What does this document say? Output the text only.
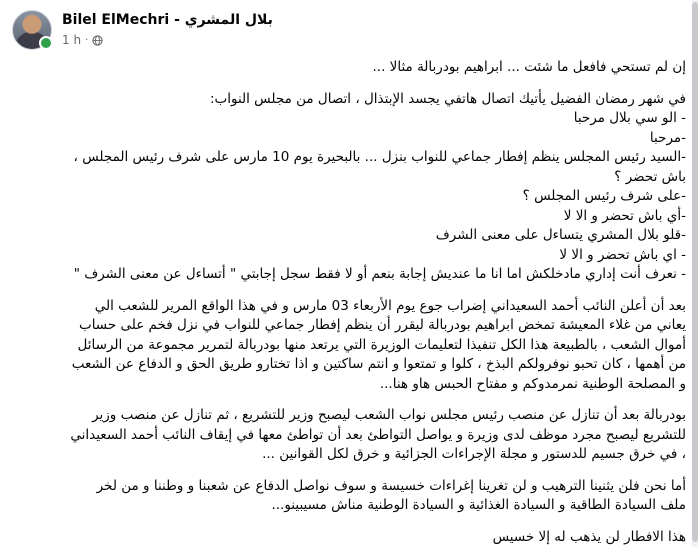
Bilel ElMechri - بلال المشري
1 h ·

إن لم تستحي فافعل ما شئت ... ابراهيم بودربالة مثالا ...

في شهر رمضان الفضيل يأتيك اتصال هاتفي يجسد الإبتذال ، اتصال من مجلس النواب:
- الو سي بلال مرحبا
-مرحبا
-السيد رئيس المجلس ينظم إفطار جماعي للنواب بنزل ... بالبحيرة يوم 10 مارس على شرف رئيس المجلس ،
باش تحضر ؟
-على شرف رئيس المجلس ؟
-أي باش تحضر و الا لا
-قلو بلال المشري يتساءل على معنى الشرف
- اي باش تحضر و الا لا
- نعرف أنت إداري مادخلكش اما انا ما عنديش إجابة بنعم أو لا فقط سجل إجابتي " أتساءل عن معنى الشرف "

بعد أن أعلن النائب أحمد السعيداني إضراب جوع يوم الأربعاء 03 مارس و في هذا الواقع المرير للشعب الي
يعاني من غلاء المعيشة تمخض ابراهيم بودربالة ليقرر أن ينظم إفطار جماعي للنواب في نزل فخم على حساب
أموال الشعب ، بالطبيعة هذا الكل تنفيذا لتعليمات الوزيرة التي يرتعد منها بودربالة لتمرير مجموعة من الرسائل
من أهمها ، كان تحبو نوفرولكم البذخ ، كلوا و تمتعوا و انتم ساكتين و اذا تختارو طريق الحق و الدفاع عن الشعب
و المصلحة الوطنية نمرمدوكم و مفتاح الحبس هاو هنا...

بودربالة بعد أن تنازل عن منصب رئيس مجلس نواب الشعب ليصبح وزير للتشريع ، ثم تنازل عن منصب وزير
للتشريع ليصبح مجرد موظف لدى وزيرة و يواصل التواطئ بعد أن تواطئ معها في إيقاف النائب أحمد السعيداني
، في خرق جسيم للدستور و مجلة الإجراءات الجزائية و خرق لكل القوانين ...

أما نحن فلن يثنينا الترهيب و لن تغرينا إغراءات خسيسة و سوف نواصل الدفاع عن شعبنا و وطننا و من لخر
ملف السيادة الطاقية و السيادة الغذائية و السيادة الوطنية مناش مسيبينو...

هذا الافطار لن يذهب له إلا خسيس
